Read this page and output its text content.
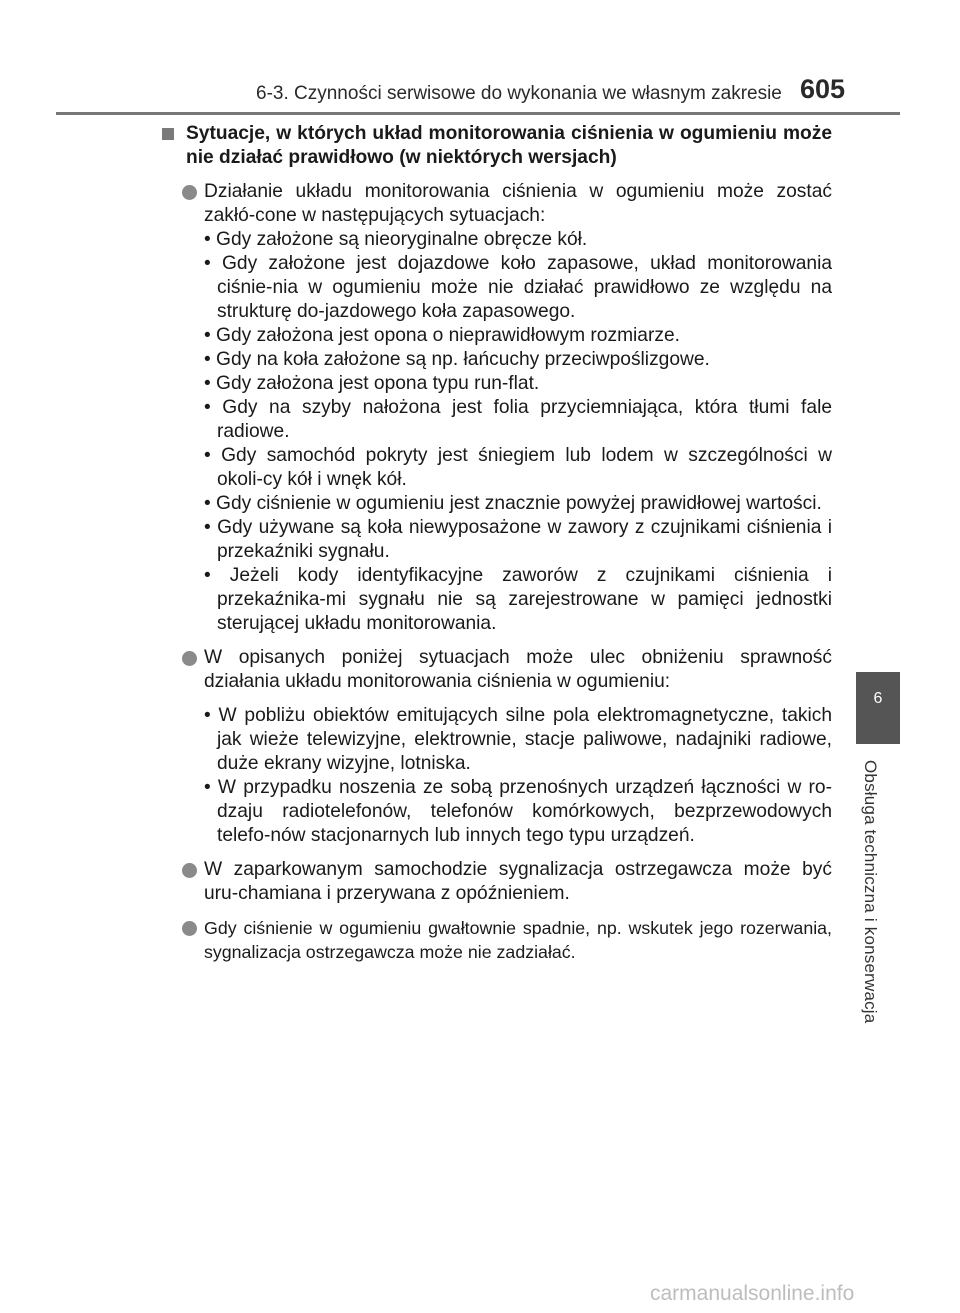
6-3. Czynności serwisowe do wykonania we własnym zakresie 605
6
Obsługa techniczna i konserwacja
Sytuacje, w których układ monitorowania ciśnienia w ogumieniu może nie działać prawidłowo (w niektórych wersjach)
Działanie układu monitorowania ciśnienia w ogumieniu może zostać zakłó-cone w następujących sytuacjach:
• Gdy założone są nieoryginalne obręcze kół.
• Gdy założone jest dojazdowe koło zapasowe, układ monitorowania ciśnie-nia w ogumieniu może nie działać prawidłowo ze względu na strukturę do-jazdowego koła zapasowego.
• Gdy założona jest opona o nieprawidłowym rozmiarze.
• Gdy na koła założone są np. łańcuchy przeciwpoślizgowe.
• Gdy założona jest opona typu run-flat.
• Gdy na szyby nałożona jest folia przyciemniająca, która tłumi fale radiowe.
• Gdy samochód pokryty jest śniegiem lub lodem w szczególności w okoli-cy kół i wnęk kół.
• Gdy ciśnienie w ogumieniu jest znacznie powyżej prawidłowej wartości.
• Gdy używane są koła niewyposażone w zawory z czujnikami ciśnienia i przekaźniki sygnału.
• Jeżeli kody identyfikacyjne zaworów z czujnikami ciśnienia i przekaźnika-mi sygnału nie są zarejestrowane w pamięci jednostki sterującej układu monitorowania.
W opisanych poniżej sytuacjach może ulec obniżeniu sprawność działania układu monitorowania ciśnienia w ogumieniu:
• W pobliżu obiektów emitujących silne pola elektromagnetyczne, takich jak wieże telewizyjne, elektrownie, stacje paliwowe, nadajniki radiowe, duże ekrany wizyjne, lotniska.
• W przypadku noszenia ze sobą przenośnych urządzeń łączności w ro-dzaju radiotelefonów, telefonów komórkowych, bezprzewodowych telefo-nów stacjonarnych lub innych tego typu urządzeń.
W zaparkowanym samochodzie sygnalizacja ostrzegawcza może być uru-chamiana i przerywana z opóźnieniem.
Gdy ciśnienie w ogumieniu gwałtownie spadnie, np. wskutek jego rozerwania, sygnalizacja ostrzegawcza może nie zadziałać.
carmanualsonline.info
